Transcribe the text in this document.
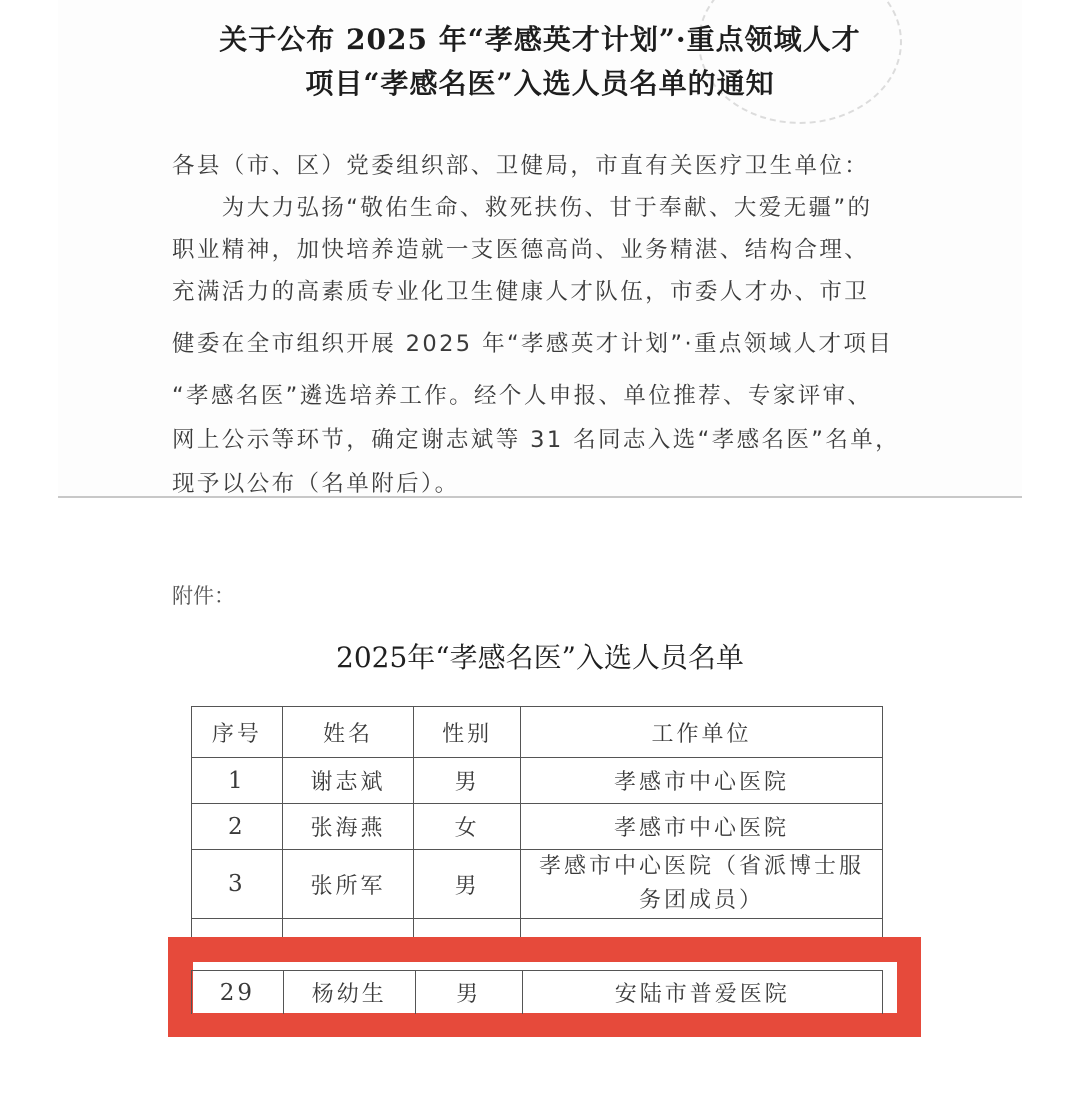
关于公布 2025 年“孝感英才计划”·重点领域人才
项目“孝感名医”入选人员名单的通知
各县（市、区）党委组织部、卫健局，市直有关医疗卫生单位：
　　为大力弘扬“敬佑生命、救死扶伤、甘于奉献、大爱无疆”的
职业精神，加快培养造就一支医德高尚、业务精湛、结构合理、
充满活力的高素质专业化卫生健康人才队伍，市委人才办、市卫
健委在全市组织开展 2025 年“孝感英才计划”·重点领域人才项目
“孝感名医”遴选培养工作。经个人申报、单位推荐、专家评审、
网上公示等环节，确定谢志斌等 31 名同志入选“孝感名医”名单，
现予以公布（名单附后）。
附件：
2025年“孝感名医”入选人员名单
序号	姓名	性别	工作单位
1	谢志斌	男	孝感市中心医院
2	张海燕	女	孝感市中心医院
3	张所军	男	孝感市中心医院（省派博士服务团成员）

29	杨幼生	男	安陆市普爱医院
